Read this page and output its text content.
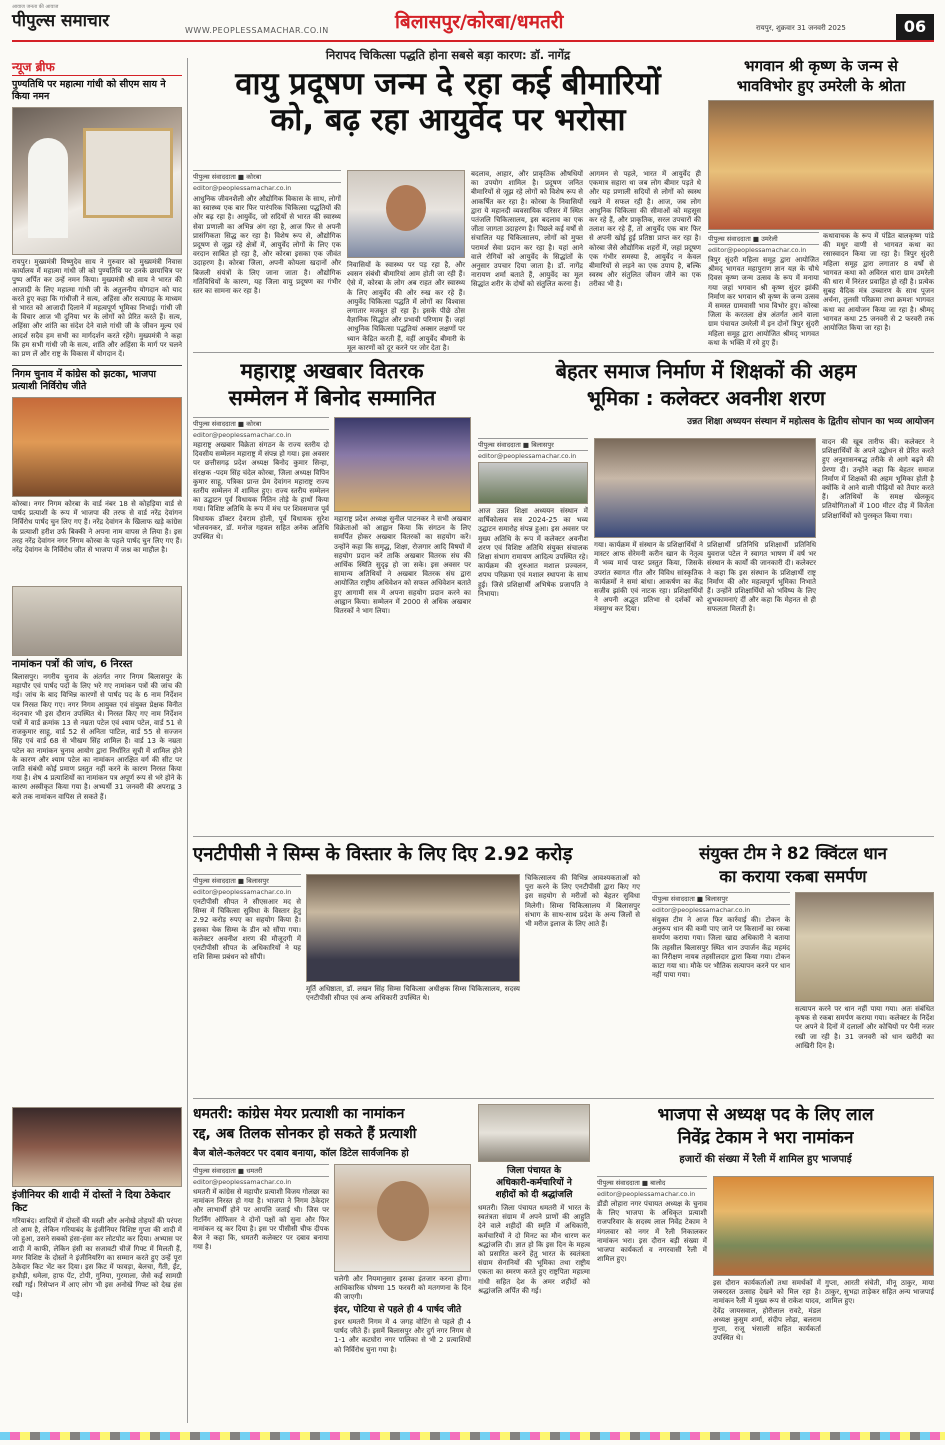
आवाज जनता की आवाज
पीपुल्स समाचार	WWW.PEOPLESSAMACHAR.CO.IN	बिलासपुर/कोरबा/धमतरी	रायपुर, शुक्रवार 31 जनवरी 2025	06
न्यूज ब्रीफ
पुण्यतिथि पर महात्मा गांधी को सीएम साय ने किया नमन
रायपुर। मुख्यमंत्री विष्णुदेव साय ने गुरुवार को मुख्यमंत्री निवास कार्यालय में महात्मा गांधी जी को पुण्यतिथि पर उनके छायाचित्र पर पुष्प अर्पित कर उन्हें नमन किया। मुख्यमंत्री श्री साय ने भारत की आजादी के लिए महात्मा गांधी जी के अतुलनीय योगदान को याद करते हुए कहा कि गांधीजी ने सत्य, अहिंसा और सत्याग्रह के माध्यम से भारत को आजादी दिलाने में महत्वपूर्ण भूमिका निभाई। गांधी जी के विचार आज भी दुनिया भर के लोगों को प्रेरित करते हैं। सत्य, अहिंसा और शांति का संदेश देने वाले गांधी जी के जीवन मूल्य एवं आदर्श सदैव हम सभी का मार्गदर्शन करते रहेंगे। मुख्यमंत्री ने कहा कि हम सभी गांधी जी के सत्य, शांति और अहिंसा के मार्ग पर चलने का प्रण लें और राष्ट्र के विकास में योगदान दें।
निगम चुनाव में कांग्रेस को झटका, भाजपा प्रत्याशी निर्विरोध जीते
कोरबा। नगर निगम कोरबा के वार्ड नंबर 18 से कोहड़िया वार्ड से पार्षद प्रत्याशी के रूप में भाजपा की तरफ से वार्ड नरेंद्र देवांगन निर्विरोध पार्षद चुन लिए गए हैं। नरेंद्र देवांगन के खिलाफ खड़े कांग्रेस के प्रत्याशी हरीश उर्फ बिक्की ने अपना नाम वापस ले लिया है। इस तरह नरेंद्र देवांगन नगर निगम कोरबा के पहले पार्षद चुन लिए गए हैं। नरेंद्र देवांगन के निर्विरोध जीत से भाजपा में जश्न का माहौल है।
नामांकन पत्रों की जांच, 6 निरस्त
बिलासपुर। नगरीय चुनाव के अंतर्गत नगर निगम बिलासपुर के महापौर एवं पार्षद पदों के लिए भरे गए नामांकन पत्रों की जांच की गई। जांच के बाद विभिन्न कारणों से पार्षद पद के 6 नाम निर्देशन पत्र निरस्त किए गए। नगर निगम आयुक्त एवं संयुक्त प्रेक्षक विनीत नंदनवार भी इस दौरान उपस्थित थे। निरस्त किए गए नाम निर्देशन पत्रों में वार्ड क्रमांक 13 से नम्रता पटेल एवं श्याम पटेल, वार्ड 51 से राजकुमार साहू, वार्ड 52 से अनिता पाटिल, वार्ड 55 से सज्जन सिंह एवं वार्ड 68 से भीखम सिंह शामिल हैं। वार्ड 13 के नम्रता पटेल का नामांकन चुनाव आयोग द्वारा निर्धारित सूची में शामिल होने के कारण और श्याम पटेल का नामांकन आरक्षित वर्ग की सीट पर जाति संबंधी कोई प्रमाण प्रस्तुत नहीं करने के कारण निरस्त किया गया है। शेष 4 प्रत्याशियों का नामांकन पत्र अपूर्ण रूप से भरे होने के कारण अस्वीकृत किया गया है। अभ्यर्थी 31 जनवरी की अपराह्न 3 बजे तक नामांकन वापिस ले सकते हैं।
इंजीनियर की शादी में दोस्तों ने दिया ठेकेदार किट
गरियाबंद। शादियों में दोस्तों की मस्ती और अनोखे तोहफों की परंपरा तो आम है, लेकिन गरियाबंद के इंजीनियर विशिष्ट गुप्ता की शादी में जो हुआ, उसने सबको हंसा-हंसा कर लोटपोट कर दिया। अभ्यास पर शादी में काफी, लेकिन हंसी का सजावटी चीजें गिफ्ट में मिलती हैं, मगर विशिष्ट के दोस्तों ने इंजीनियरिंग का सम्मान करते हुए उन्हें पूरा ठेकेदार किट भेंट कर दिया। इस किट में फावड़ा, बेलचा, गैंती, ईंट, हथौड़ी, धमेला, हाफ पेंट, टोपी, गुनिया, गुरमाला, जैसे कई सामग्री रखी गई। रिसेप्शन में आए लोग भी इस अनोखे गिफ्ट को देख हंस पड़े।
निरापद चिकित्सा पद्धति होना सबसे बड़ा कारण: डॉ. नागेंद्र
वायु प्रदूषण जन्म दे रहा कई बीमारियों
को, बढ़ रहा आयुर्वेद पर भरोसा
पीपुल्स संवाददाता ■ कोरबा
editor@peoplessamachar.co.in
आधुनिक जीवनशैली और औद्योगिक विकास के साथ, लोगों का स्वास्थ्य एक बार फिर पारंपरिक चिकित्सा पद्धतियों की ओर बढ़ रहा है। आयुर्वेद, जो सदियों से भारत की स्वास्थ्य सेवा प्रणाली का अभिन्न अंग रहा है, आज फिर से अपनी प्रासंगिकता सिद्ध कर रहा है। विशेष रूप से, औद्योगिक प्रदूषण से जूझ रहे क्षेत्रों में, आयुर्वेद लोगों के लिए एक वरदान साबित हो रहा है, और कोरबा इसका एक जीवंत उदाहरण है। कोरबा जिला, अपनी कोयला खदानों और बिजली संयंत्रों के लिए जाना जाता है। औद्योगिक गतिविधियों के कारण, यह जिला वायु प्रदूषण का गंभीर स्तर का सामना कर रहा है।
निवासियों के स्वास्थ्य पर पड़ रहा है, और श्वसन संबंधी बीमारियां आम होती जा रही हैं। ऐसे में, कोरबा के लोग अब राहत और स्वास्थ्य के लिए आयुर्वेद की ओर रुख कर रहे हैं। आयुर्वेद चिकित्सा पद्धति में लोगों का विश्वास लगातार मजबूत हो रहा है। इसके पीछे ठोस वैज्ञानिक सिद्धांत और प्रभावी परिणाम हैं। जहां आधुनिक चिकित्सा पद्धतियां अक्सर लक्षणों पर ध्यान केंद्रित करती हैं, वहीं आयुर्वेद बीमारी के मूल कारणों को दूर करने पर जोर देता है।
बदलाव, आहार, और प्राकृतिक औषधियों का उपयोग शामिल है। प्रदूषण जनित बीमारियों से जूझ रहे लोगों को विशेष रूप से आकर्षित कर रहा है। कोरबा के निवासियों द्वारा ये महानदी व्यवसायिक परिसर में स्थित पतंजलि चिकित्सालय, इस बदलाव का एक जीता जागता उदाहरण है। पिछले कई वर्षों से संचालित यह चिकित्सालय, लोगों को मुफ्त परामर्श सेवा प्रदान कर रहा है। यहां आने वाले रोगियों को आयुर्वेद के सिद्धांतों के अनुसार उपचार दिया जाता है। डॉ. नागेंद्र नारायण शर्मा बताते हैं, आयुर्वेद का मूल सिद्धांत शरीर के दोषों को संतुलित करना है।
आगमन से पहले, भारत में आयुर्वेद ही एकमात्र सहारा था जब लोग बीमार पड़ते थे और यह प्रणाली सदियों से लोगों को स्वस्थ रखने में सफल रही है। आज, जब लोग आधुनिक चिकित्सा की सीमाओं को महसूस कर रहे हैं, और प्राकृतिक, सरल उपचारों की तलाश कर रहे हैं, तो आयुर्वेद एक बार फिर से अपनी खोई हुई प्रतिष्ठा प्राप्त कर रहा है। कोरबा जैसे औद्योगिक शहरों में, जहां प्रदूषण एक गंभीर समस्या है, आयुर्वेद न केवल बीमारियों से लड़ने का एक उपाय है, बल्कि स्वस्थ और संतुलित जीवन जीने का एक तरीका भी है।
भगवान श्री कृष्ण के जन्म से
भावविभोर हुए उमरेली के श्रोता
पीपुल्स संवाददाता ■ उमरेली
editor@peoplessamachar.co.in
त्रिपुर सुंदरी महिला समूह द्वारा आयोजित श्रीमद् भागवत महापुराण ज्ञान यज्ञ के चौथे दिवस कृष्ण जन्म उत्सव के रूप में मनाया गया जहां भगवान श्री कृष्ण सुंदर झांकी निर्माण कर भगवान श्री कृष्ण के जन्म उत्सव में समस्त ग्रामवासी भाव विभोर हुए। कोरबा जिला के करतला क्षेत्र अंतर्गत आने वाला ग्राम पंचायत उमरेली में इन दोनों त्रिपुर सुंदरी महिला समूह द्वारा आयोजित श्रीमद् भागवत कथा के भक्ति में रमे हुए हैं।
कथावाचक के रूप में पंडित बालकृष्ण पांडे की मधुर वाणी से भागवत कथा का रसास्वादन किया जा रहा है। त्रिपुर सुंदरी महिला समूह द्वारा लगातार 8 वर्षों से भागवत कथा को अविरल धारा ग्राम उमरेली की धारा में निरंतर प्रवाहित हो रही है। प्रत्येक सुबह वैदिक मंत्र उच्चारण के साथ पूजन अर्चना, तुलसी परिक्रमा तथा क्रमशः भागवत कथा का आयोजन किया जा रहा है। श्रीमद् भागवत कथा 25 जनवरी से 2 फरवरी तक आयोजित किया जा रहा है।
महाराष्ट्र अखबार वितरक
सम्मेलन में बिनोद सम्मानित
पीपुल्स संवाददाता ■ कोरबा
editor@peoplessamachar.co.in
महाराष्ट्र अखबार विक्रेता संगठन के राज्य स्तरीय दो दिवसीय सम्मेलन महाराष्ट्र में संपन्न हो गया। इस अवसर पर छत्तीसगढ़ प्रदेश अध्यक्ष बिनोद कुमार सिन्हा, संरक्षक -पदम सिंह चंदेल कोरबा, जिला अध्यक्ष विपिन कुमार साहू, पत्रिका प्रान्त प्रेम देवांगन महाराष्ट्र राज्य स्तरीय सम्मेलन में शामिल हुए। राज्य स्तरीय सम्मेलन का उद्घाटन पूर्व विधायक नितिन तोड़े के हाथों किया गया। विशिष्ट अतिथि के रूप में मंच पर शिवसमाज पूर्व विधायक डॉक्टर देवराम होली, पूर्व विधायक सुरेश भोलवनकर, डॉ. मनोज गहवल सहित अनेक अतिथि उपस्थित थे।
महाराष्ट्र प्रदेश अध्यक्ष सुनील पाटनकर ने सभी अखबार विक्रेताओं को आह्वान किया कि संगठन के लिए समर्पित होकर अखबार वितरकों का सहयोग करें। उन्होंने कहा कि समृद्ध, शिक्षा, रोजगार आदि विषयों में सहयोग प्रदान करें ताकि अखबार वितरक संघ की आर्थिक स्थिति सुदृढ़ हो जा सके। इस अवसर पर सामान्य अतिथियों ने अखबार वितरक संघ द्वारा आयोजित राष्ट्रीय अधिवेशन को सफल अधिवेशन बताते हुए आगामी सत्र में अपना सहयोग प्रदान करने का आह्वान किया। सम्मेलन में 2000 से अधिक अखबार वितरकों ने भाग लिया।
बेहतर समाज निर्माण में शिक्षकों की अहम
भूमिका : कलेक्टर अवनीश शरण
उन्नत शिक्षा अध्ययन संस्थान में महोत्सव के द्वितीय सोपान का भव्य आयोजन
पीपुल्स संवाददाता ■ बिलासपुर
editor@peoplessamachar.co.in
आज उन्नत शिक्षा अध्ययन संस्थान में वार्षिकोत्सव सत्र 2024-25 का भव्य उद्घाटन समारोह संपन्न हुआ। इस अवसर पर मुख्य अतिथि के रूप में कलेक्टर अवनीश शरण एवं विशिष्ट अतिथि संयुक्त संचालक शिक्षा संभाग रामायण आदित्य उपस्थित रहे। कार्यक्रम की शुरुआत मशाल प्रज्वलन, शपथ परिक्रमा एवं मशाल स्थापना के साथ हुई। जिसे प्रशिक्षार्थी अभिषेक प्रजापति ने निभाया।
गया। कार्यक्रम में संस्थान के प्रशिक्षार्थियों ने मास्टर आफ सेरेमनी करीन खान के नेतृत्व में भव्य मार्च पास्ट प्रस्तुत किया, जिसके उपरांत स्वागत गीत और विविध सांस्कृतिक कार्यक्रमों ने समां बांधा। आकर्षण का केंद्र सजीव झांकी एवं नाटक रहा। प्रशिक्षार्थियों ने अपनी अद्भुत प्रतिभा से दर्शकों को मंत्रमुग्ध कर दिया।
प्रशिक्षार्थी प्रतिनिधि प्रशिक्षार्थी प्रतिनिधि युवराज पटेल ने स्वागत भाषण में वर्ष भर संस्थान के कार्यों की जानकारी दी। कलेक्टर ने कहा कि इस संस्थान के प्रशिक्षार्थी राष्ट्र निर्माण की ओर महत्वपूर्ण भूमिका निभाते हैं। उन्होंने प्रशिक्षार्थियों को भविष्य के लिए शुभकामनाएं दीं और कहा कि मेहनत से ही सफलता मिलती है।
वादन की खूब तारीफ की। कलेक्टर ने प्रशिक्षार्थियों के अपने उद्बोधन से प्रेरित करते हुए अनुशासनबद्ध तरीके से आगे बढ़ने की प्रेरणा दी। उन्होंने कहा कि बेहतर समाज निर्माण में शिक्षकों की अहम भूमिका होती है क्योंकि वे आने वाली पीढ़ियों को तैयार करते हैं। अतिथियों के समक्ष खेलकूद प्रतियोगिताओं में 100 मीटर दौड़ में विजेता प्रशिक्षार्थियों को पुरस्कृत किया गया।
एनटीपीसी ने सिम्स के विस्तार के लिए दिए 2.92 करोड़
पीपुल्स संवाददाता ■ बिलासपुर
editor@peoplessamachar.co.in
एनटीपीसी सीपत ने सीएसआर मद से सिम्स में चिकित्सा सुविधा के विस्तार हेतु 2.92 करोड़ रुपए का सहयोग किया है। इसका चेक सिम्स के डीन को सौंपा गया। कलेक्टर अवनीश शरण की मौजूदगी में एनटीपीसी सीपत के अधिकारियों ने यह राशि सिम्स प्रबंधन को सौंपी।
मूर्ति अधिष्ठाता, डॉ. लखन सिंह सिम्स चिकित्सा अधीक्षक सिम्स चिकित्सालय, सदस्य एनटीपीसी सीपत एवं अन्य अधिकारी उपस्थित थे।
चिकित्सालय की विभिन्न आवश्यकताओं को पूरा करने के लिए एनटीपीसी द्वारा किए गए इस सहयोग से मरीजों को बेहतर सुविधा मिलेगी। सिम्स चिकित्सालय में बिलासपुर संभाग के साथ-साथ प्रदेश के अन्य जिलों से भी मरीज इलाज के लिए आते हैं।
संयुक्त टीम ने 82 क्विंटल धान
का कराया रकबा समर्पण
पीपुल्स संवाददाता ■ बिलासपुर
editor@peoplessamachar.co.in
संयुक्त टीम ने आज फिर कार्रवाई की। टोकन के अनुरूप धान की कमी पाए जाने पर किसानों का रकबा समर्पण कराया गया। जिला खाद्य अधिकारी ने बताया कि तहसील बिलासपुर स्थित धान उपार्जन केंद्र महमंद का निरीक्षण नायब तहसीलदार द्वारा किया गया। टोकन काटा गया था। मौके पर भौतिक सत्यापन करने पर धान नहीं पाया गया।
सत्यापन करने पर धान नहीं पाया गया। अतः संबंधित कृषक से रकबा समर्पण कराया गया। कलेक्टर के निर्देश पर अपने वे दिनों में दलालों और कोचियों पर पैनी नजर रखी जा रही है। 31 जनवरी को धान खरीदी का आखिरी दिन है।
धमतरी: कांग्रेस मेयर प्रत्याशी का नामांकन
रद्द, अब तिलक सोनकर हो सकते हैं प्रत्याशी
बैज बोले-कलेक्टर पर दबाव बनाया, कॉल डिटेल सार्वजनिक हो
पीपुल्स संवाददाता ■ धमतरी
editor@peoplessamachar.co.in
धमतरी में कांग्रेस से महापौर प्रत्याशी विजय गोलछा का नामांकन निरस्त हो गया है। भाजपा ने निगम ठेकेदार और लाभार्थी होने पर आपत्ति जताई थी। जिस पर रिटर्निंग ऑफिसर ने दोनों पक्षों को सुना और फिर नामांकन रद्द कर दिया है। इस पर पीसीसी चीफ दीपक बैज ने कहा कि, धमतरी कलेक्टर पर दबाव बनाया गया है।
चलेगी और नियमानुसार इसका इंतजार करना होगा। आधिकारिक घोषणा 15 फरवरी को मतगणना के दिन की जाएगी।
इंदर, पोटिया से पहले ही 4 पार्षद जीते
इधर धमतरी निगम में 4 जगह वोटिंग से पहले ही 4 पार्षद जीते हैं। इसमें बिलासपुर और दुर्ग नगर निगम से 1-1 और कटघोरा नगर पालिका से भी 2 प्रत्याशियों को निर्विरोध चुना गया है।
जिला पंचायत के
अधिकारी-कर्मचारियों ने
शहीदों को दी श्रद्धांजलि
धमतरी। जिला पंचायत धमतरी में भारत के स्वतंत्रता संग्राम में अपने प्राणों की आहुति देने वाले शहीदों की स्मृति में अधिकारी, कर्मचारियों ने दो मिनट का मौन धारण कर श्रद्धांजलि दी। ज्ञात हो कि इस दिन के महत्व को प्रसारित करने हेतु भारत के स्वतंत्रता संग्राम सेनानियों की भूमिका तथा राष्ट्रीय एकता का स्मरण करते हुए राष्ट्रपिता महात्मा गांधी सहित देश के अमर शहीदों को श्रद्धांजलि अर्पित की गई।
भाजपा से अध्यक्ष पद के लिए लाल
निवेंद्र टेकाम ने भरा नामांकन
हजारों की संख्या में रैली में शामिल हुए भाजपाई
पीपुल्स संवाददाता ■ बालोद
editor@peoplessamachar.co.in
डौंडी लोहारा नगर पंचायत अध्यक्ष के चुनाव के लिए भाजपा के अधिकृत प्रत्याशी राजपरिवार के सदस्य लाल निवेंद्र टेकाम ने मंगलवार को नगर में रैली निकालकर नामांकन भरा। इस दौरान बड़ी संख्या में भाजपा कार्यकर्ता व नगरवासी रैली में शामिल हुए।
इस दौरान कार्यकर्ताओं तथा समर्थकों में जबरदस्त उत्साह देखने को मिल रहा है। नामांकन रैली में मुख्य रूप से राकेश यादव, देवेंद्र जायसवाल, होरीलाल रावटे, मंडल अध्यक्ष कुसुम शर्मा, संदीप लोढ़ा, बलराम गुप्ता, राजू भंसाली सहित कार्यकर्ता उपस्थित थे।
गुप्ता, आरती संचेती, मीनू ठाकुर, माया ठाकुर, सुभद्रा ताड़ेकर सहित अन्य भाजपाई शामिल हुए।
